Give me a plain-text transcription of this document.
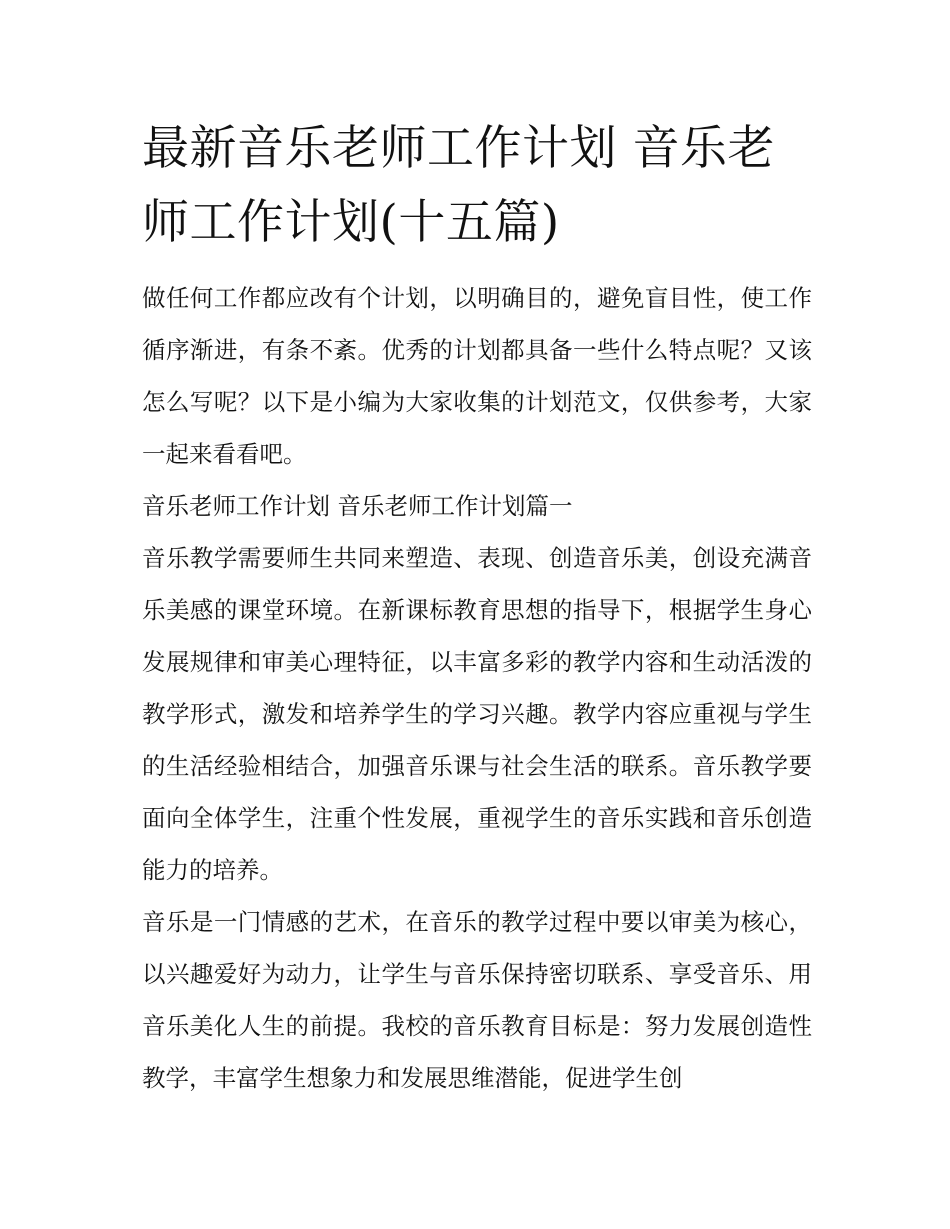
最新音乐老师工作计划 音乐老师工作计划(十五篇)

做任何工作都应改有个计划，以明确目的，避免盲目性，使工作循序渐进，有条不紊。优秀的计划都具备一些什么特点呢？又该怎么写呢？以下是小编为大家收集的计划范文，仅供参考，大家一起来看看吧。

音乐老师工作计划 音乐老师工作计划篇一

音乐教学需要师生共同来塑造、表现、创造音乐美，创设充满音乐美感的课堂环境。在新课标教育思想的指导下，根据学生身心发展规律和审美心理特征，以丰富多彩的教学内容和生动活泼的教学形式，激发和培养学生的学习兴趣。教学内容应重视与学生的生活经验相结合，加强音乐课与社会生活的联系。音乐教学要面向全体学生，注重个性发展，重视学生的音乐实践和音乐创造能力的培养。

音乐是一门情感的艺术，在音乐的教学过程中要以审美为核心，以兴趣爱好为动力，让学生与音乐保持密切联系、享受音乐、用音乐美化人生的前提。我校的音乐教育目标是：努力发展创造性教学，丰富学生想象力和发展思维潜能，促进学生创
